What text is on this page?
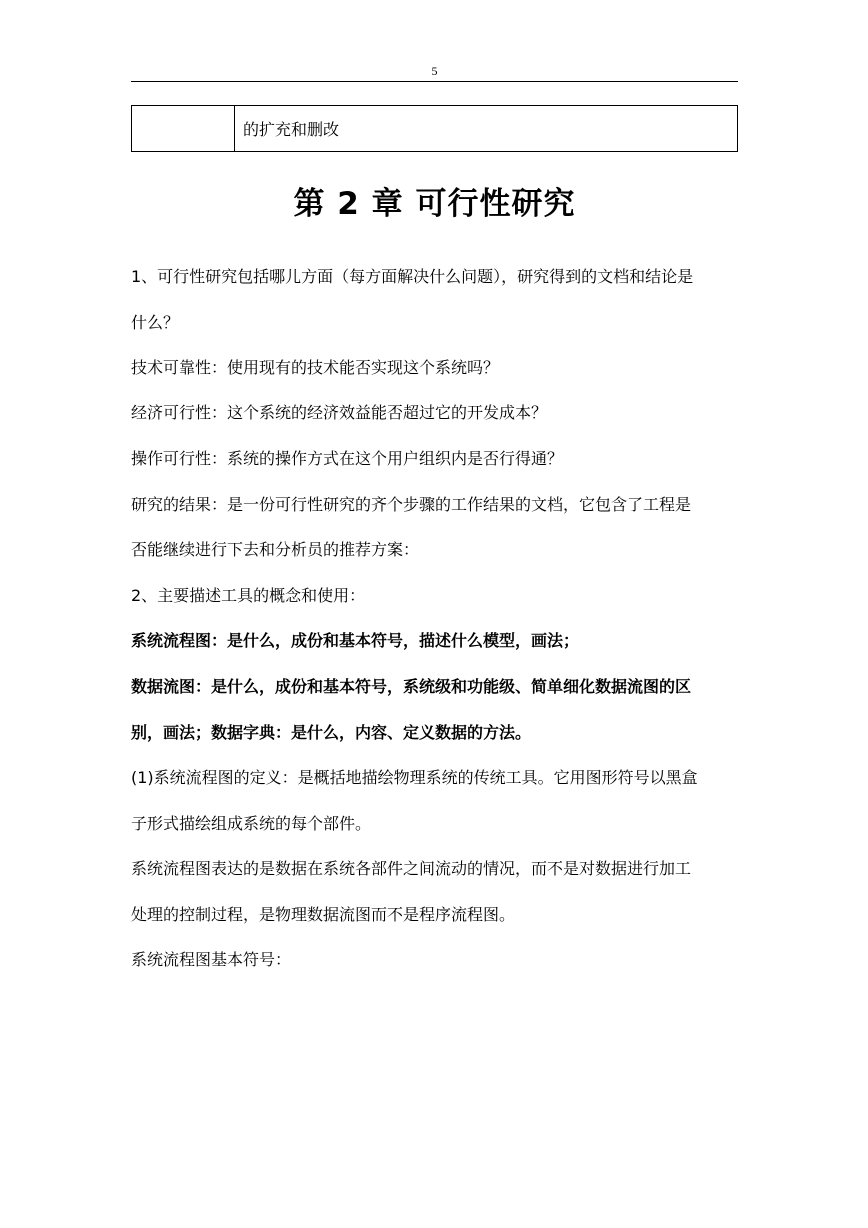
5
	的扩充和删改
第 2 章 可行性研究

1、可行性研究包括哪儿方面（每方面解决什么问题），研究得到的文档和结论是

什么？

技术可靠性：使用现有的技术能否实现这个系统吗？

经济可行性：这个系统的经济效益能否超过它的开发成本？

操作可行性：系统的操作方式在这个用户组织内是否行得通？

研究的结果：是一份可行性研究的齐个步骤的工作结果的文档，它包含了工程是

否能继续进行下去和分析员的推荐方案：

2、主要描述工具的概念和使用：

系统流程图：是什么，成份和基本符号，描述什么模型，画法；

数据流图：是什么，成份和基本符号，系统级和功能级、简单细化数据流图的区

别，画法；数据字典：是什么，内容、定义数据的方法。

(1)系统流程图的定义：是概括地描绘物理系统的传统工具。它用图形符号以黑盒

子形式描绘组成系统的每个部件。

系统流程图表达的是数据在系统各部件之间流动的情况，而不是对数据进行加工

处理的控制过程，是物理数据流图而不是程序流程图。

系统流程图基本符号：
